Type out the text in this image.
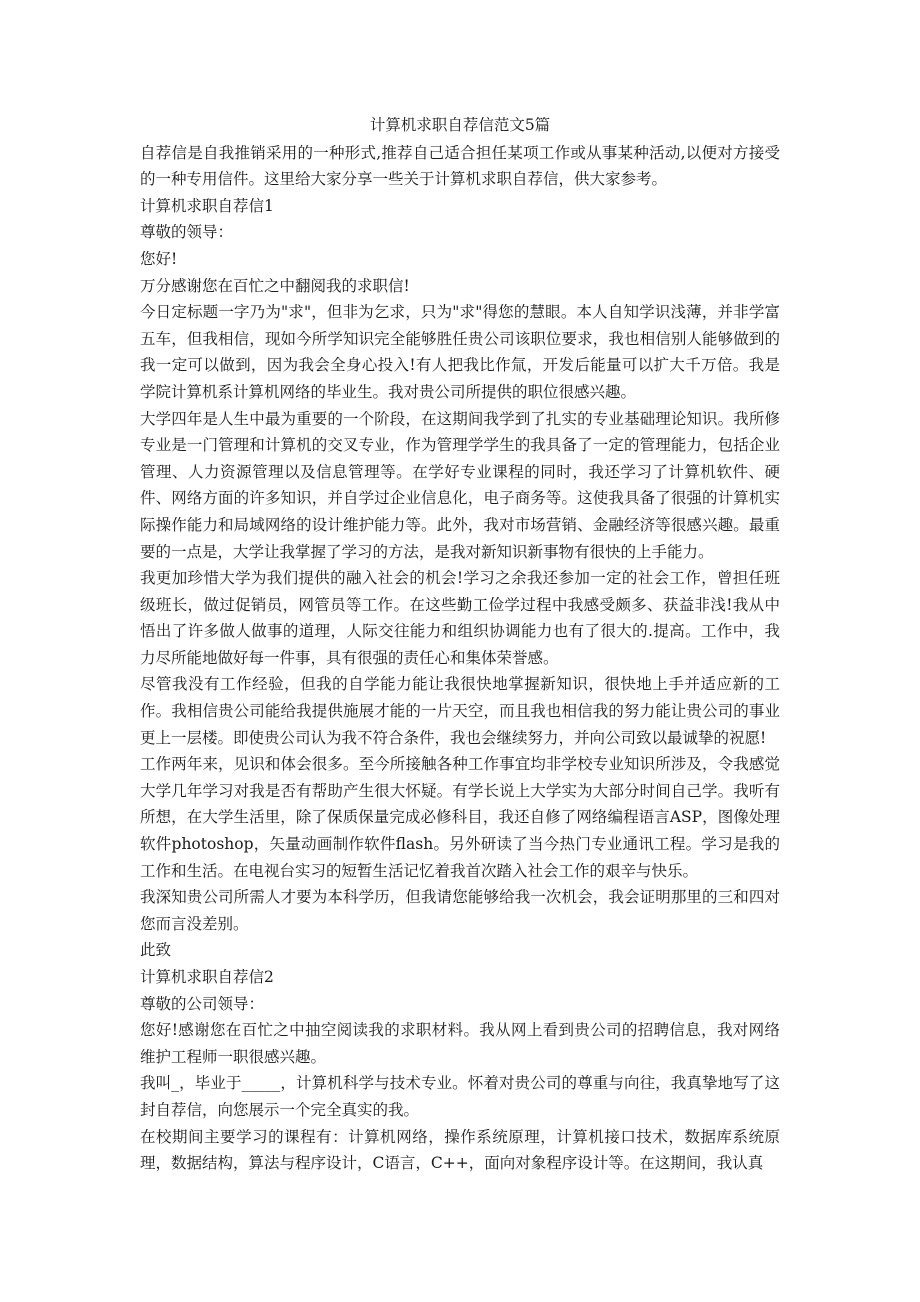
计算机求职自荐信范文5篇

自荐信是自我推销采用的一种形式,推荐自己适合担任某项工作或从事某种活动,以便对方接受的一种专用信件。这里给大家分享一些关于计算机求职自荐信，供大家参考。

计算机求职自荐信1

尊敬的领导：

您好!

万分感谢您在百忙之中翻阅我的求职信!

今日定标题一字乃为"求"，但非为乞求，只为"求"得您的慧眼。本人自知学识浅薄，并非学富五车，但我相信，现如今所学知识完全能够胜任贵公司该职位要求，我也相信别人能够做到的我一定可以做到，因为我会全身心投入!有人把我比作氚，开发后能量可以扩大千万倍。我是学院计算机系计算机网络的毕业生。我对贵公司所提供的职位很感兴趣。

大学四年是人生中最为重要的一个阶段，在这期间我学到了扎实的专业基础理论知识。我所修专业是一门管理和计算机的交叉专业，作为管理学学生的我具备了一定的管理能力，包括企业管理、人力资源管理以及信息管理等。在学好专业课程的同时，我还学习了计算机软件、硬件、网络方面的许多知识，并自学过企业信息化，电子商务等。这使我具备了很强的计算机实际操作能力和局域网络的设计维护能力等。此外，我对市场营销、金融经济等很感兴趣。最重要的一点是，大学让我掌握了学习的方法，是我对新知识新事物有很快的上手能力。

我更加珍惜大学为我们提供的融入社会的机会!学习之余我还参加一定的社会工作，曾担任班级班长，做过促销员，网管员等工作。在这些勤工俭学过程中我感受颇多、获益非浅!我从中悟出了许多做人做事的道理，人际交往能力和组织协调能力也有了很大的.提高。工作中，我力尽所能地做好每一件事，具有很强的责任心和集体荣誉感。

尽管我没有工作经验，但我的自学能力能让我很快地掌握新知识，很快地上手并适应新的工作。我相信贵公司能给我提供施展才能的一片天空，而且我也相信我的努力能让贵公司的事业更上一层楼。即使贵公司认为我不符合条件，我也会继续努力，并向公司致以最诚挚的祝愿!

工作两年来，见识和体会很多。至今所接触各种工作事宜均非学校专业知识所涉及，令我感觉大学几年学习对我是否有帮助产生很大怀疑。有学长说上大学实为大部分时间自己学。我听有所想，在大学生活里，除了保质保量完成必修科目，我还自修了网络编程语言ASP，图像处理软件photoshop，矢量动画制作软件flash。另外研读了当今热门专业通讯工程。学习是我的工作和生活。在电视台实习的短暂生活记忆着我首次踏入社会工作的艰辛与快乐。

我深知贵公司所需人才要为本科学历，但我请您能够给我一次机会，我会证明那里的三和四对您而言没差别。

此致

计算机求职自荐信2

尊敬的公司领导：

您好!感谢您在百忙之中抽空阅读我的求职材料。我从网上看到贵公司的招聘信息，我对网络维护工程师一职很感兴趣。

我叫_，毕业于_____，计算机科学与技术专业。怀着对贵公司的尊重与向往，我真挚地写了这封自荐信，向您展示一个完全真实的我。

在校期间主要学习的课程有：计算机网络，操作系统原理，计算机接口技术，数据库系统原理，数据结构，算法与程序设计，C语言，C++，面向对象程序设计等。在这期间，我认真
